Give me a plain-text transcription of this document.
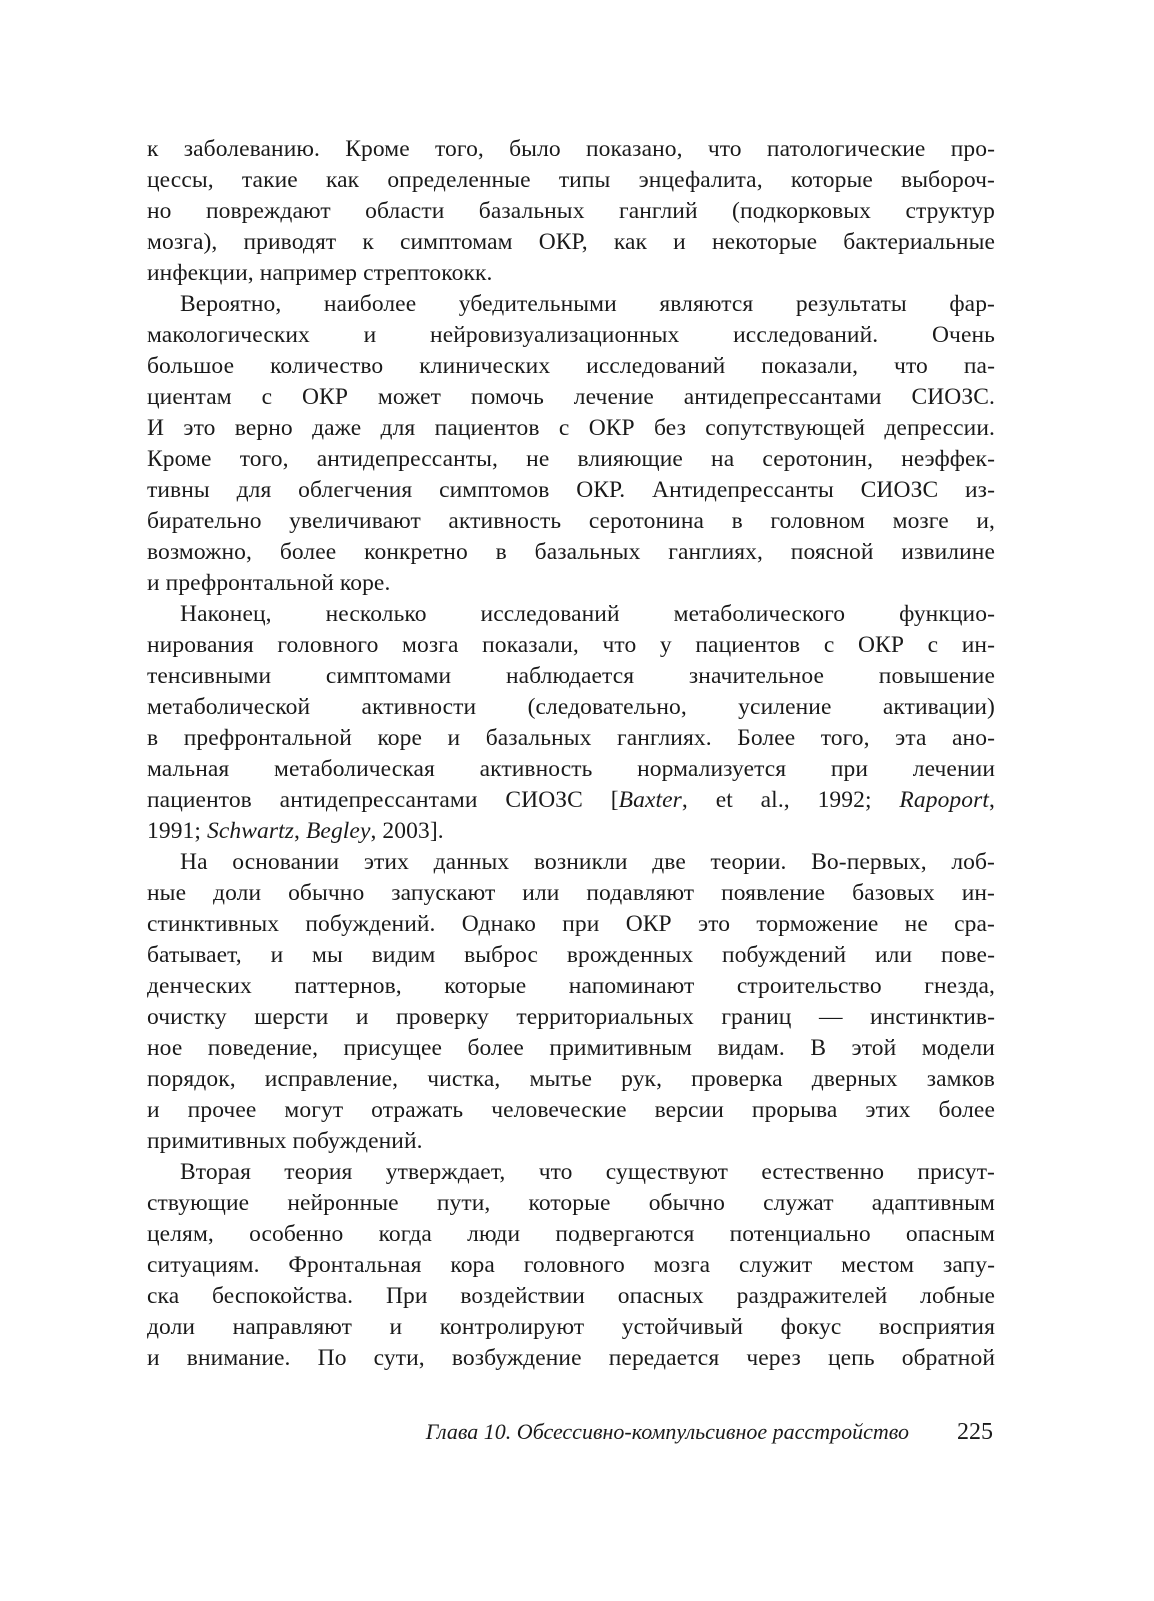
к заболеванию. Кроме того, было показано, что патологические про-
цессы, такие как определенные типы энцефалита, которые выбороч-
но повреждают области базальных ганглий (подкорковых структур
мозга), приводят к симптомам ОКР, как и некоторые бактериальные
инфекции, например стрептококк.
Вероятно, наиболее убедительными являются результаты фар-
макологических и нейровизуализационных исследований. Очень
большое количество клинических исследований показали, что па-
циентам с ОКР может помочь лечение антидепрессантами СИОЗС.
И это верно даже для пациентов с ОКР без сопутствующей депрессии.
Кроме того, антидепрессанты, не влияющие на серотонин, неэффек-
тивны для облегчения симптомов ОКР. Антидепрессанты СИОЗС из-
бирательно увеличивают активность серотонина в головном мозге и,
возможно, более конкретно в базальных ганглиях, поясной извилине
и префронтальной коре.
Наконец, несколько исследований метаболического функцио-
нирования головного мозга показали, что у пациентов с ОКР с ин-
тенсивными симптомами наблюдается значительное повышение
метаболической активности (следовательно, усиление активации)
в префронтальной коре и базальных ганглиях. Более того, эта ано-
мальная метаболическая активность нормализуется при лечении
пациентов антидепрессантами СИОЗС [Baxter, et al., 1992; Rapoport,
1991; Schwartz, Begley, 2003].
На основании этих данных возникли две теории. Во-первых, лоб-
ные доли обычно запускают или подавляют появление базовых ин-
стинктивных побуждений. Однако при ОКР это торможение не сра-
батывает, и мы видим выброс врожденных побуждений или пове-
денческих паттернов, которые напоминают строительство гнезда,
очистку шерсти и проверку территориальных границ — инстинктив-
ное поведение, присущее более примитивным видам. В этой модели
порядок, исправление, чистка, мытье рук, проверка дверных замков
и прочее могут отражать человеческие версии прорыва этих более
примитивных побуждений.
Вторая теория утверждает, что существуют естественно присут-
ствующие нейронные пути, которые обычно служат адаптивным
целям, особенно когда люди подвергаются потенциально опасным
ситуациям. Фронтальная кора головного мозга служит местом запу-
ска беспокойства. При воздействии опасных раздражителей лобные
доли направляют и контролируют устойчивый фокус восприятия
и внимание. По сути, возбуждение передается через цепь обратной
Глава 10. Обсессивно-компульсивное расстройство 225
